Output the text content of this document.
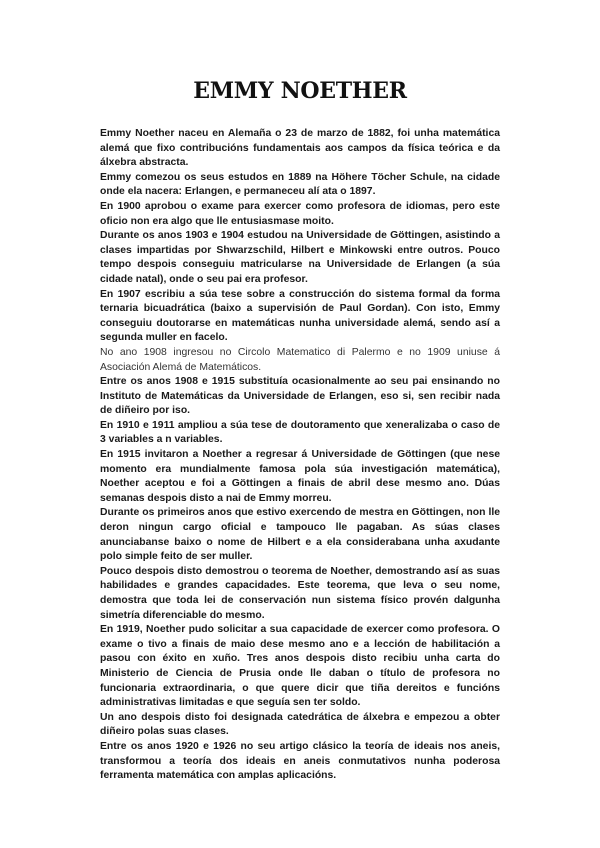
EMMY NOETHER

Emmy Noether naceu en Alemaña o 23 de marzo de 1882, foi unha matemática alemá que fixo contribucións fundamentais aos campos da física teórica e da álxebra abstracta.

Emmy comezou os seus estudos en 1889 na Höhere Töcher Schule, na cidade onde ela nacera: Erlangen, e permaneceu alí ata o 1897.

En 1900 aprobou o exame para exercer como profesora de idiomas, pero este oficio non era algo que lle entusiasmase moito.

Durante os anos 1903 e 1904 estudou na Universidade de Göttingen, asistindo a clases impartidas por Shwarzschild, Hilbert e Minkowski entre outros. Pouco tempo despois conseguiu matricularse na Universidade de Erlangen (a súa cidade natal), onde o seu pai era profesor.

En 1907 escribiu a súa tese sobre a construcción do sistema formal da forma ternaria bicuadrática (baixo a supervisión de Paul Gordan). Con isto, Emmy conseguiu doutorarse en matemáticas nunha universidade alemá, sendo así a segunda muller en facelo.

No ano 1908 ingresou no Circolo Matematico di Palermo e no 1909 uniuse á Asociación Alemá de Matemáticos.

Entre os anos 1908 e 1915 substituía ocasionalmente ao seu pai ensinando no Instituto de Matemáticas da Universidade de Erlangen, eso si, sen recibir nada de diñeiro por iso.

En 1910 e 1911 ampliou a súa tese de doutoramento que xeneralizaba o caso de 3 variables a n variables.

En 1915 invitaron a Noether a regresar á Universidade de Göttingen (que nese momento era mundialmente famosa pola súa investigación matemática), Noether aceptou e foi a Göttingen a finais de abril dese mesmo ano. Dúas semanas despois disto a nai de Emmy morreu.

Durante os primeiros anos que estivo exercendo de mestra en Göttingen, non lle deron ningun cargo oficial e tampouco lle pagaban. As súas clases anunciabanse baixo o nome de Hilbert e a ela considerabana unha axudante polo simple feito de ser muller.

Pouco despois disto demostrou o teorema de Noether, demostrando así as suas habilidades e grandes capacidades. Este teorema, que leva o seu nome, demostra que toda lei de conservación nun sistema físico provén dalgunha simetría diferenciable do mesmo.

En 1919, Noether pudo solicitar a sua capacidade de exercer como profesora. O exame o tivo a finais de maio dese mesmo ano e a lección de habilitación a pasou con éxito en xuño. Tres anos despois disto recibiu unha carta do Ministerio de Ciencia de Prusia onde lle daban o título de profesora no funcionaria extraordinaria, o que quere dicir que tiña dereitos e funcións administrativas limitadas e que seguía sen ter soldo.

Un ano despois disto foi designada catedrática de álxebra e empezou a obter diñeiro polas suas clases.

Entre os anos 1920 e 1926 no seu artigo clásico la teoría de ideais nos aneis, transformou a teoría dos ideais en aneis conmutativos nunha poderosa ferramenta matemática con amplas aplicacións.
